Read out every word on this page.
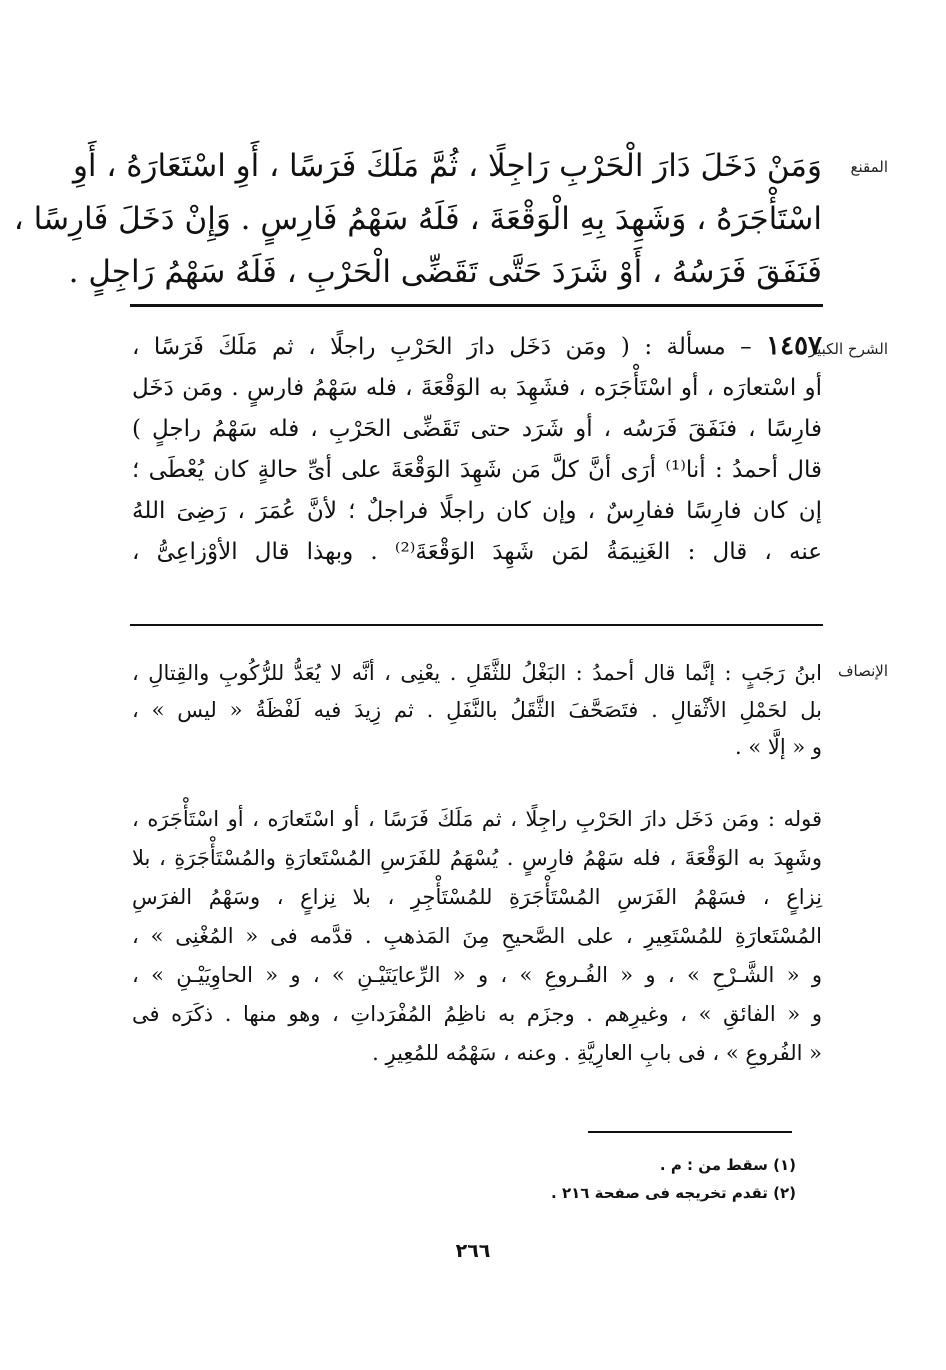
المقنع
الشرح الكبير
الإنصاف
وَمَنْ دَخَلَ دَارَ الْحَرْبِ رَاجِلًا ، ثُمَّ مَلَكَ فَرَسًا ، أَوِ اسْتَعَارَهُ ، أَوِ
اسْتَأْجَرَهُ ، وَشَهِدَ بِهِ الْوَقْعَةَ ، فَلَهُ سَهْمُ فَارِسٍ . وَإِنْ دَخَلَ فَارِسًا ،
فَنَفَقَ فَرَسُهُ ، أَوْ شَرَدَ حَتَّى تَقَضِّى الْحَرْبِ ، فَلَهُ سَهْمُ رَاجِلٍ .
١٤٥٧ – مسألة : ( ومَن دَخَل دارَ الحَرْبِ راجلًا ، ثم مَلَكَ فَرَسًا ،
أو اسْتعارَه ، أو اسْتَأْجَرَه ، فشَهِدَ به الوَقْعَةَ ، فله سَهْمُ فارسٍ . ومَن دَخَل
فارِسًا ، فنَفَقَ فَرَسُه ، أو شَرَد حتى تَقَضِّى الحَرْبِ ، فله سَهْمُ راجلٍ )
قال أحمدُ : أنا⁽¹⁾ أرَى أنَّ كلَّ مَن شَهِدَ الوَقْعَةَ على أىِّ حالةٍ كان يُعْطَى ؛
إن كان فارِسًا ففارِسٌ ، وإن كان راجلًا فراجلٌ ؛ لأنَّ عُمَرَ ، رَضِىَ اللهُ
عنه ، قال : الغَنِيمَةُ لمَن شَهِدَ الوَقْعَةَ⁽²⁾ . وبهذا قال الأوْزاعِىُّ ،
ابنُ رَجَبٍ : إنَّما قال أحمدُ : البَغْلُ للثَّقَلِ . يعْنِى ، أنَّه لا يُعَدُّ للرُّكُوبِ والقِتالِ ،
بل لحَمْلِ الأثْقالِ . فتَصَحَّفَ الثَّقَلُ بالنَّفَلِ . ثم زِيدَ فيه لَفْظَةُ « ليس » ،
و « إلَّا » .
قوله : ومَن دَخَل دارَ الحَرْبِ راجِلًا ، ثم مَلَكَ فَرَسًا ، أو اسْتَعارَه ، أو اسْتَأْجَرَه ،
وشَهِدَ به الوَقْعَةَ ، فله سَهْمُ فارِسٍ . يُسْهَمُ للفَرَسِ المُسْتَعارَةِ والمُسْتَأْجَرَةِ ، بلا
نِزاعٍ ، فسَهْمُ الفَرَسِ المُسْتَأْجَرَةِ للمُسْتَأْجِرِ ، بلا نِزاعٍ ، وسَهْمُ الفرَسِ
المُسْتَعارَةِ للمُسْتَعِيرِ ، على الصَّحيحِ مِنَ المَذهبِ . قدَّمه فى « المُغْنِى » ،
و « الشَّـرْحِ » ، و « الفُـروعِ » ، و « الرِّعايَتَيْـنِ » ، و « الحاوِيَيْـنِ » ،
و « الفائقِ » ، وغيرِهم . وجزَم به ناظِمُ المُفْرَداتِ ، وهو منها . ذكَرَه فى
« الفُروعِ » ، فى بابِ العارِيَّةِ . وعنه ، سَهْمُه للمُعِيرِ .
(١) سقط من : م .
(٢) تقدم تخريجه فى صفحة ٢١٦ .
٢٦٦
